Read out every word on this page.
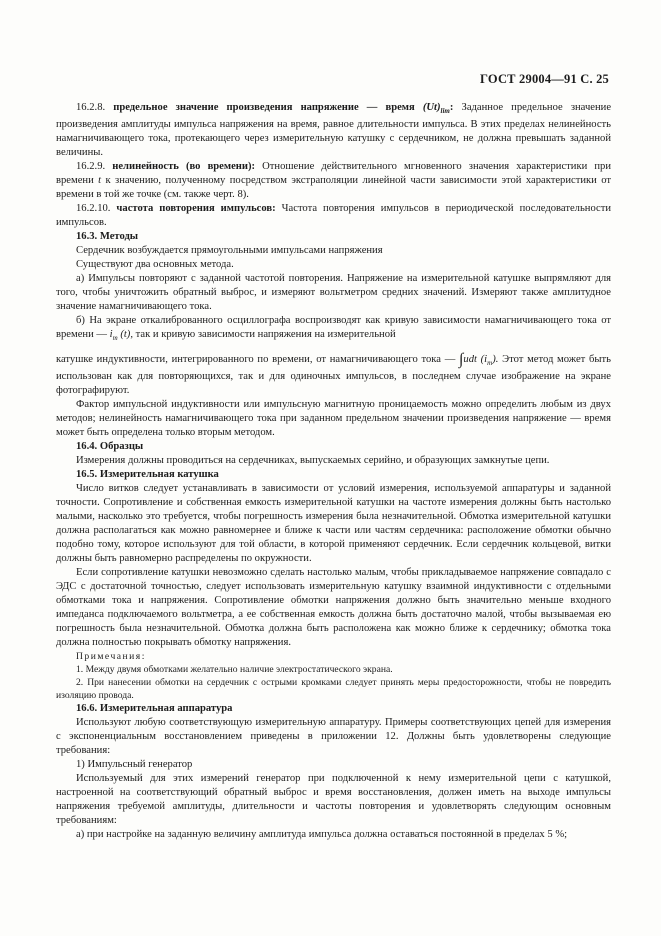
ГОСТ 29004—91 С. 25

16.2.8. предельное значение произведения напряжение — время $(Ut)_{lim}$: Заданное предельное значение произведения амплитуды импульса напряжения на время, равное длительности импульса. В этих пределах нелинейность намагничивающего тока, протекающего через измерительную катушку с сердечником, не должна превышать заданной величины.

16.2.9. нелинейность (во времени): Отношение действительного мгновенного значения характеристики при времени t к значению, полученному посредством экстраполяции линейной части зависимости этой характеристики от времени в той же точке (см. также черт. 8).

16.2.10. частота повторения импульсов: Частота повторения импульсов в периодической последовательности импульсов.

16.3. Методы

Сердечник возбуждается прямоугольными импульсами напряжения

Существуют два основных метода.

а) Импульсы повторяют с заданной частотой повторения. Напряжение на измерительной катушке выпрямляют для того, чтобы уничтожить обратный выброс, и измеряют вольтметром средних значений. Измеряют также амплитудное значение намагничивающего тока.

б) На экране откалиброванного осциллографа воспроизводят как кривую зависимости намагничивающего тока от времени — $i_m$ (t), так и кривую зависимости напряжения на измерительной

катушке индуктивности, интегрированного по времени, от намагничивающего тока — ∫udt $(i_m)$. Этот метод может быть использован как для повторяющихся, так и для одиночных импульсов, в последнем случае изображение на экране фотографируют.

Фактор импульсной индуктивности или импульсную магнитную проницаемость можно определить любым из двух методов; нелинейность намагничивающего тока при заданном предельном значении произведения напряжение — время может быть определена только вторым методом.

16.4. Образцы

Измерения должны проводиться на сердечниках, выпускаемых серийно, и образующих замкнутые цепи.

16.5. Измерительная катушка

Число витков следует устанавливать в зависимости от условий измерения, используемой аппаратуры и заданной точности. Сопротивление и собственная емкость измерительной катушки на частоте измерения должны быть настолько малыми, насколько это требуется, чтобы погрешность измерения была незначительной. Обмотка измерительной катушки должна располагаться как можно равномернее и ближе к части или частям сердечника: расположение обмотки обычно подобно тому, которое используют для той области, в которой применяют сердечник. Если сердечник кольцевой, витки должны быть равномерно распределены по окружности.

Если сопротивление катушки невозможно сделать настолько малым, чтобы прикладываемое напряжение совпадало с ЭДС с достаточной точностью, следует использовать измерительную катушку взаимной индуктивности с отдельными обмотками тока и напряжения. Сопротивление обмотки напряжения должно быть значительно меньше входного импеданса подключаемого вольтметра, а ее собственная емкость должна быть достаточно малой, чтобы вызываемая ею погрешность была незначительной. Обмотка должна быть расположена как можно ближе к сердечнику; обмотка тока должна полностью покрывать обмотку напряжения.

Примечания:

1. Между двумя обмотками желательно наличие электростатического экрана.

2. При нанесении обмотки на сердечник с острыми кромками следует принять меры предосторожности, чтобы не повредить изоляцию провода.

16.6. Измерительная аппаратура

Используют любую соответствующую измерительную аппаратуру. Примеры соответствующих цепей для измерения с экспоненциальным восстановлением приведены в приложении 12. Должны быть удовлетворены следующие требования:

1) Импульсный генератор

Используемый для этих измерений генератор при подключенной к нему измерительной цепи с катушкой, настроенной на соответствующий обратный выброс и время восстановления, должен иметь на выходе импульсы напряжения требуемой амплитуды, длительности и частоты повторения и удовлетворять следующим основным требованиям:

а) при настройке на заданную величину амплитуда импульса должна оставаться постоянной в пределах 5 %;
